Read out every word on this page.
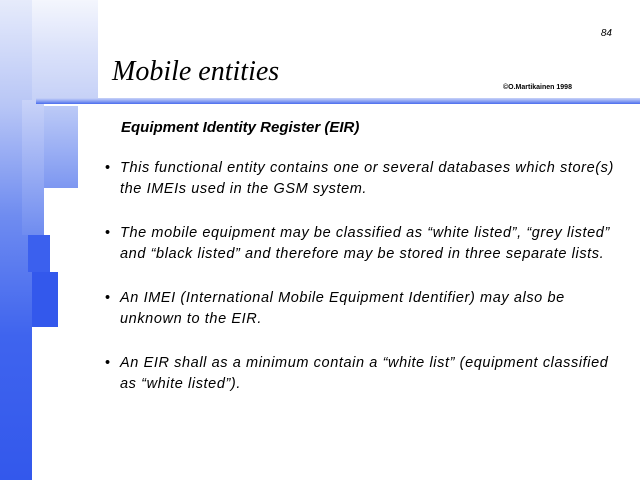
84
Mobile entities
©O.Martikainen 1998
Equipment Identity Register (EIR)
• This functional entity contains one or several databases which store(s) the IMEIs used in the GSM system.
• The mobile equipment may be classified as “white listed”, “grey listed” and “black listed” and therefore may be stored in three separate lists.
• An IMEI (International Mobile Equipment Identifier) may also be unknown to the EIR.
• An EIR shall as a minimum contain a “white list” (equipment classified as “white listed”).
